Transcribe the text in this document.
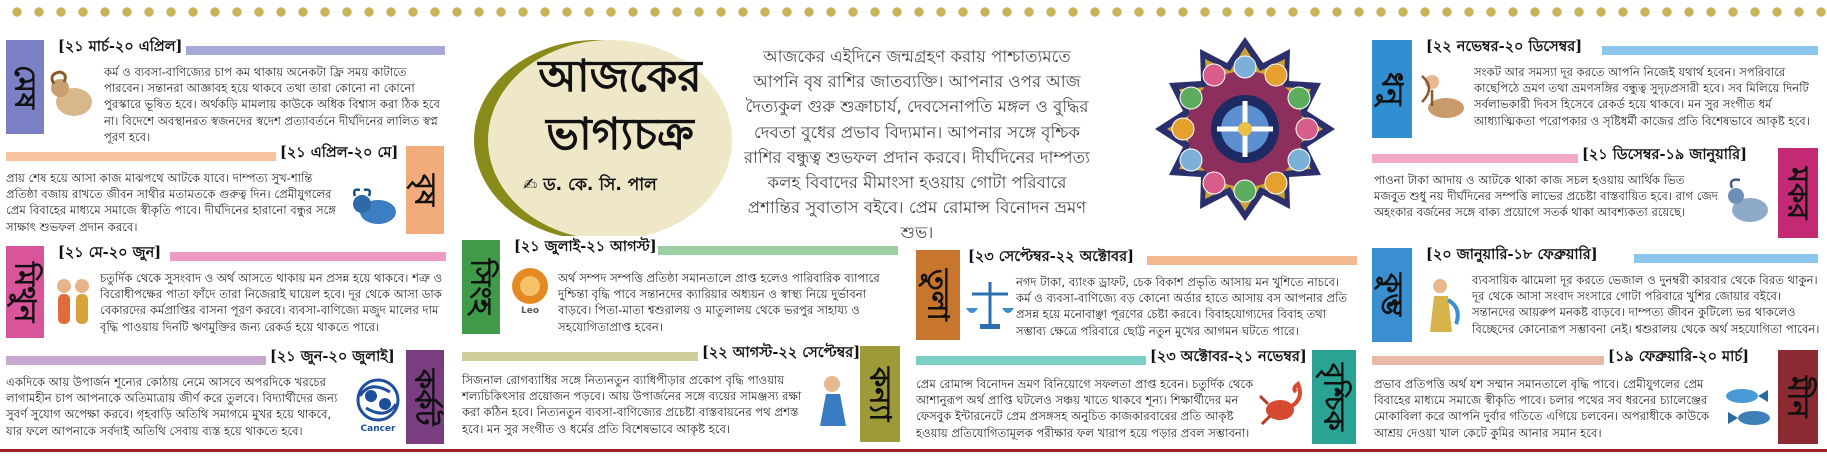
আজকের
ভাগ্যচক্র
✍ ড. কে. সি. পাল
আজকের এইদিনে জন্মগ্রহণ করায় পাশ্চাত্যমতে আপনি বৃষ রাশির জাতব্যক্তি। আপনার ওপর আজ দৈত্যকুল গুরু শুক্রাচার্য, দেবসেনাপতি মঙ্গল ও বুদ্ধির দেবতা বুধের প্রভাব বিদ্যমান। আপনার সঙ্গে বৃশ্চিক রাশির বন্ধুত্ব শুভফল প্রদান করবে। দীর্ঘদিনের দাম্পত্য কলহ বিবাদের মীমাংসা হওয়ায় গোটা পরিবারে প্রশান্তির সুবাতাস বইবে। প্রেম রোমান্স বিনোদন ভ্রমণ শুভ।
মেষ
[২১ মার্চ-২০ এপ্রিল]
কর্ম ও ব্যবসা-বাণিজ্যের চাপ কম থাকায় অনেকটা ফ্রি সময় কাটাতে পারবেন। সন্তানরা আজ্ঞাবহ হয়ে থাকবে তথা তারা কোনো না কোনো পুরস্কারে ভূষিত হবে। অর্থকড়ি মামলায় কাউকে অধিক বিশ্বাস করা ঠিক হবে না। বিদেশে অবস্থানরত স্বজনদের স্বদেশ প্রত্যাবর্তনে দীর্ঘদিনের লালিত স্বপ্ন পূরণ হবে।
[২১ এপ্রিল-২০ মে]
বৃষ
প্রায় শেষ হয়ে আসা কাজ মাঝপথে আটকে যাবে। দাম্পত্য সুখ-শান্তি প্রতিষ্ঠা বজায় রাখতে জীবন সাথীর মতামতকে গুরুত্ব দিন। প্রেমীযুগলের প্রেম বিবাহের মাধ্যমে সমাজে স্বীকৃতি পাবে। দীর্ঘদিনের হারানো বন্ধুর সঙ্গে সাক্ষাৎ শুভফল প্রদান করবে।
মিথুন
[২১ মে-২০ জুন]
চতুর্দিক থেকে সুসংবাদ ও অর্থ আসতে থাকায় মন প্রসন্ন হয়ে থাকবে। শত্রু ও বিরোধীপক্ষের পাতা ফাঁদে তারা নিজেরাই ঘায়েল হবে। দূর থেকে আসা ডাক বেকারদের কর্মপ্রাপ্তির বাসনা পূরণ করবে। ব্যবসা-বাণিজ্যে মজুদ মালের দাম বৃদ্ধি পাওয়ায় দিনটি ঋণমুক্তির জন্য রেকর্ড হয়ে থাকতে পারে।
[২১ জুন-২০ জুলাই]
কর্কট
Cancer
একদিকে আয় উপার্জন শূন্যের কোঠায় নেমে আসবে অপরদিকে খরচের লাগামহীন চাপ আপনাকে অতিমাত্রায় জীর্ণ করে তুলবে। বিদ্যার্থীদের জন্য সুবর্ণ সুযোগ অপেক্ষা করবে। গৃহবাড়ি অতিথি সমাগমে মুখর হয়ে থাকবে, যার ফলে আপনাকে সর্বদাই অতিথি সেবায় ব্যস্ত হয়ে থাকতে হবে।
সিংহ
[২১ জুলাই-২১ আগস্ট]
Leo
অর্থ সম্পদ সম্পত্তি প্রতিষ্ঠা সমানতালে প্রাপ্ত হলেও পারিবারিক ব্যাপারে দুশ্চিন্তা বৃদ্ধি পাবে সন্তানদের ক্যারিয়ার অধ্যয়ন ও স্বাস্থ্য নিয়ে দুর্ভাবনা বাড়বে। পিতা-মাতা শ্বশুরালয় ও মাতুলালয় থেকে ভরপুর সাহায্য ও সহযোগিতাপ্রাপ্ত হবেন।
[২২ আগস্ট-২২ সেপ্টেম্বর]
কন্যা
সিজনাল রোগব্যাধির সঙ্গে নিত্যনতুন ব্যাধিপীড়ার প্রকোপ বৃদ্ধি পাওয়ায় শল্যচিকিৎসার প্রয়োজন পড়বে। আয় উপার্জনের সঙ্গে ব্যয়ের সামঞ্জস্য রক্ষা করা কঠিন হবে। নিত্যনতুন ব্যবসা-বাণিজ্যের প্রচেষ্টা বাস্তবায়নের পথ প্রশস্ত হবে। মন সুর সংগীত ও ধর্মের প্রতি বিশেষভাবে আকৃষ্ট হবে।
তুলা
[২৩ সেপ্টেম্বর-২২ অক্টোবর]
নগদ টাকা, ব্যাংক ড্রাফট, চেক বিকাশ প্রভৃতি আসায় মন খুশিতে নাচবে। কর্ম ও ব্যবসা-বাণিজ্যে বড় কোনো অর্ডার হাতে আসায় বস আপনার প্রতি প্রসন্ন হয়ে মনোবাঞ্ছা পূরণের চেষ্টা করবে। বিবাহযোগ্যদের বিবাহ তথা সম্ভাব্য ক্ষেত্রে পরিবারে ছোট্ট নতুন মুখের আগমন ঘটতে পারে।
[২৩ অক্টোবর-২১ নভেম্বর]
বৃশ্চিক
প্রেম রোমান্স বিনোদন ভ্রমণ বিনিয়োগে সফলতা প্রাপ্ত হবেন। চতুর্দিক থেকে আশানুরূপ অর্থ প্রাপ্তি ঘটলেও সঞ্চয় খাতে থাকবে শূন্য। শিক্ষার্থীদের মন ফেসবুক ইন্টারনেটে প্রেম প্রসঙ্গসহ অনুচিত কাজকারবারের প্রতি আকৃষ্ট হওয়ায় প্রতিযোগিতামূলক পরীক্ষার ফল খারাপ হয়ে পড়ার প্রবল সম্ভাবনা।
ধনু
[২২ নভেম্বর-২০ ডিসেম্বর]
সংকট আর সমস্যা দূর করতে আপনি নিজেই যথার্থ হবেন। সপরিবারে কাছেপিঠে ভ্রমণ তথা ভ্রমণসঙ্গির বন্ধুত্ব সুদৃঢ়প্রসারী হবে। সব মিলিয়ে দিনটি সর্বলাভকারী দিবস হিসেবে রেকর্ড হয়ে থাকবে। মন সুর সংগীত ধর্ম আধ্যাত্মিকতা পরোপকার ও সৃষ্টিধর্মী কাজের প্রতি বিশেষভাবে আকৃষ্ট হবে।
[২১ ডিসেম্বর-১৯ জানুয়ারি]
মকর
পাওনা টাকা আদায় ও আটকে থাকা কাজ সচল হওয়ায় আর্থিক ভিত মজবুত শুধু নয় দীর্ঘদিনের সম্পত্তি লাভের প্রচেষ্টা বাস্তবায়িত হবে। রাগ জেদ অহংকার বর্জনের সঙ্গে বাক্য প্রয়োগে সতর্ক থাকা আবশ্যকতা রয়েছে।
কুম্ভ
[২০ জানুয়ারি-১৮ ফেব্রুয়ারি]
ব্যবসায়িক ঝামেলা দূর করতে ভেজাল ও দুনম্বরী কারবার থেকে বিরত থাকুন। দূর থেকে আসা সংবাদ সংসারে গোটা পরিবারে খুশির জোয়ার বইবে। সন্তানদের আয়রুপ মনকষ্ট বাড়বে। দাম্পত্য জীবন কুটিল্যে ভর থাকলেও বিচ্ছেদের কোনোরূপ সম্ভাবনা নেই। শ্বশুরালয় থেকে অর্থ সহযোগিতা পাবেন।
[১৯ ফেব্রুয়ারি-২০ মার্চ]
মীন
প্রভাব প্রতিপত্তি অর্থ যশ সম্মান সমানতালে বৃদ্ধি পাবে। প্রেমীযুগলের প্রেম বিবাহের মাধ্যমে সমাজে স্বীকৃতি পাবে। চলার পথের সব ধরনের চ্যালেঞ্জের মোকাবিলা করে আপনি দুর্বার গতিতে এগিয়ে চলবেন। অপরাধীকে কাউকে আশ্রয় দেওয়া খাল কেটে কুমির আনার সমান হবে।
